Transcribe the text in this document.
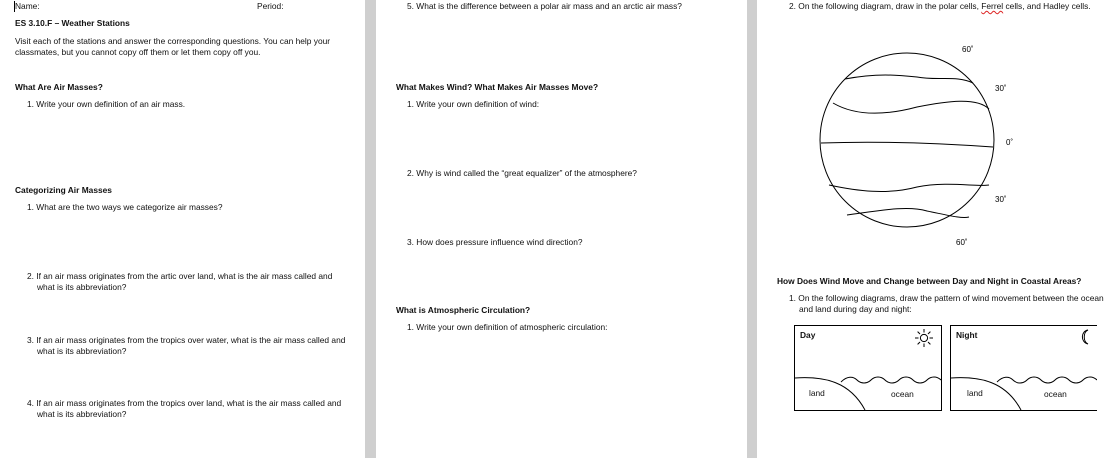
Name:	Period:
ES 3.10.F – Weather Stations
Visit each of the stations and answer the corresponding questions. You can help your classmates, but you cannot copy off them or let them copy off you.
What Are Air Masses?
1. Write your own definition of an air mass.
Categorizing Air Masses
1. What are the two ways we categorize air masses?
2. If an air mass originates from the artic over land, what is the air mass called and what is its abbreviation?
3. If an air mass originates from the tropics over water, what is the air mass called and what is its abbreviation?
4. If an air mass originates from the tropics over land, what is the air mass called and what is its abbreviation?
5. What is the difference between a polar air mass and an arctic air mass?
What Makes Wind? What Makes Air Masses Move?
1. Write your own definition of wind:
2. Why is wind called the “great equalizer” of the atmosphere?
3. How does pressure influence wind direction?
What is Atmospheric Circulation?
1. Write your own definition of atmospheric circulation:
2. On the following diagram, draw in the polar cells, Ferrel cells, and Hadley cells.
60˚
30˚
0˚
30˚
60˚
How Does Wind Move and Change between Day and Night in Coastal Areas?
1. On the following diagrams, draw the pattern of wind movement between the ocean and land during day and night:
Day
land	ocean
Night
land	ocean
